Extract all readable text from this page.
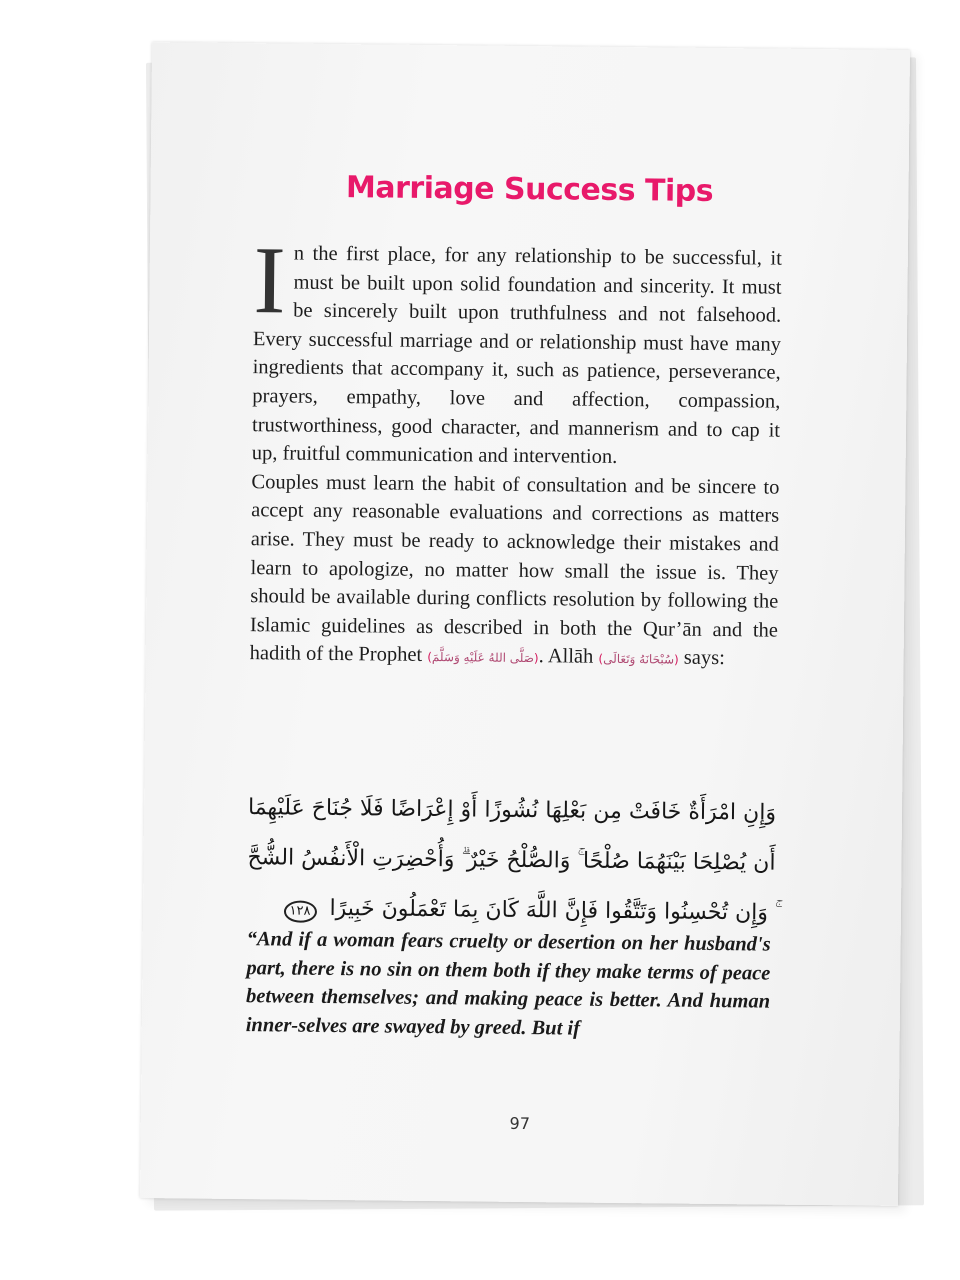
Marriage Success Tips

In the first place, for any relationship to be successful, it must be built upon solid foundation and sincerity. It must be sincerely built upon truthfulness and not falsehood. Every successful marriage and or relationship must have many ingredients that accompany it, such as patience, perseverance, prayers, empathy, love and affection, compassion, trustworthiness, good character, and mannerism and to cap it up, fruitful communication and intervention.

Couples must learn the habit of consultation and be sincere to accept any reasonable evaluations and corrections as matters arise. They must be ready to acknowledge their mistakes and learn to apologize, no matter how small the issue is. They should be available during conflicts resolution by following the Islamic guidelines as described in both the Qur’ān and the hadith of the Prophet (صَلَّى اللهُ عَلَيْهِ وَسَلَّمَ). Allāh (سُبْحَانَهُ وَتَعَالَى) says:

وَإِنِ امْرَأَةٌ خَافَتْ مِن بَعْلِهَا نُشُوزًا أَوْ إِعْرَاضًا فَلَا جُنَاحَ عَلَيْهِمَا أَن يُصْلِحَا بَيْنَهُمَا صُلْحًا ۚ وَالصُّلْحُ خَيْرٌ ۗ وَأُحْضِرَتِ الْأَنفُسُ الشُّحَّ ۚ وَإِن تُحْسِنُوا وَتَتَّقُوا فَإِنَّ اللَّهَ كَانَ بِمَا تَعْمَلُونَ خَبِيرًا ١٢٨
“And if a woman fears cruelty or desertion on her husband's part, there is no sin on them both if they make terms of peace between themselves; and making peace is better. And human inner-selves are swayed by greed. But if
97
